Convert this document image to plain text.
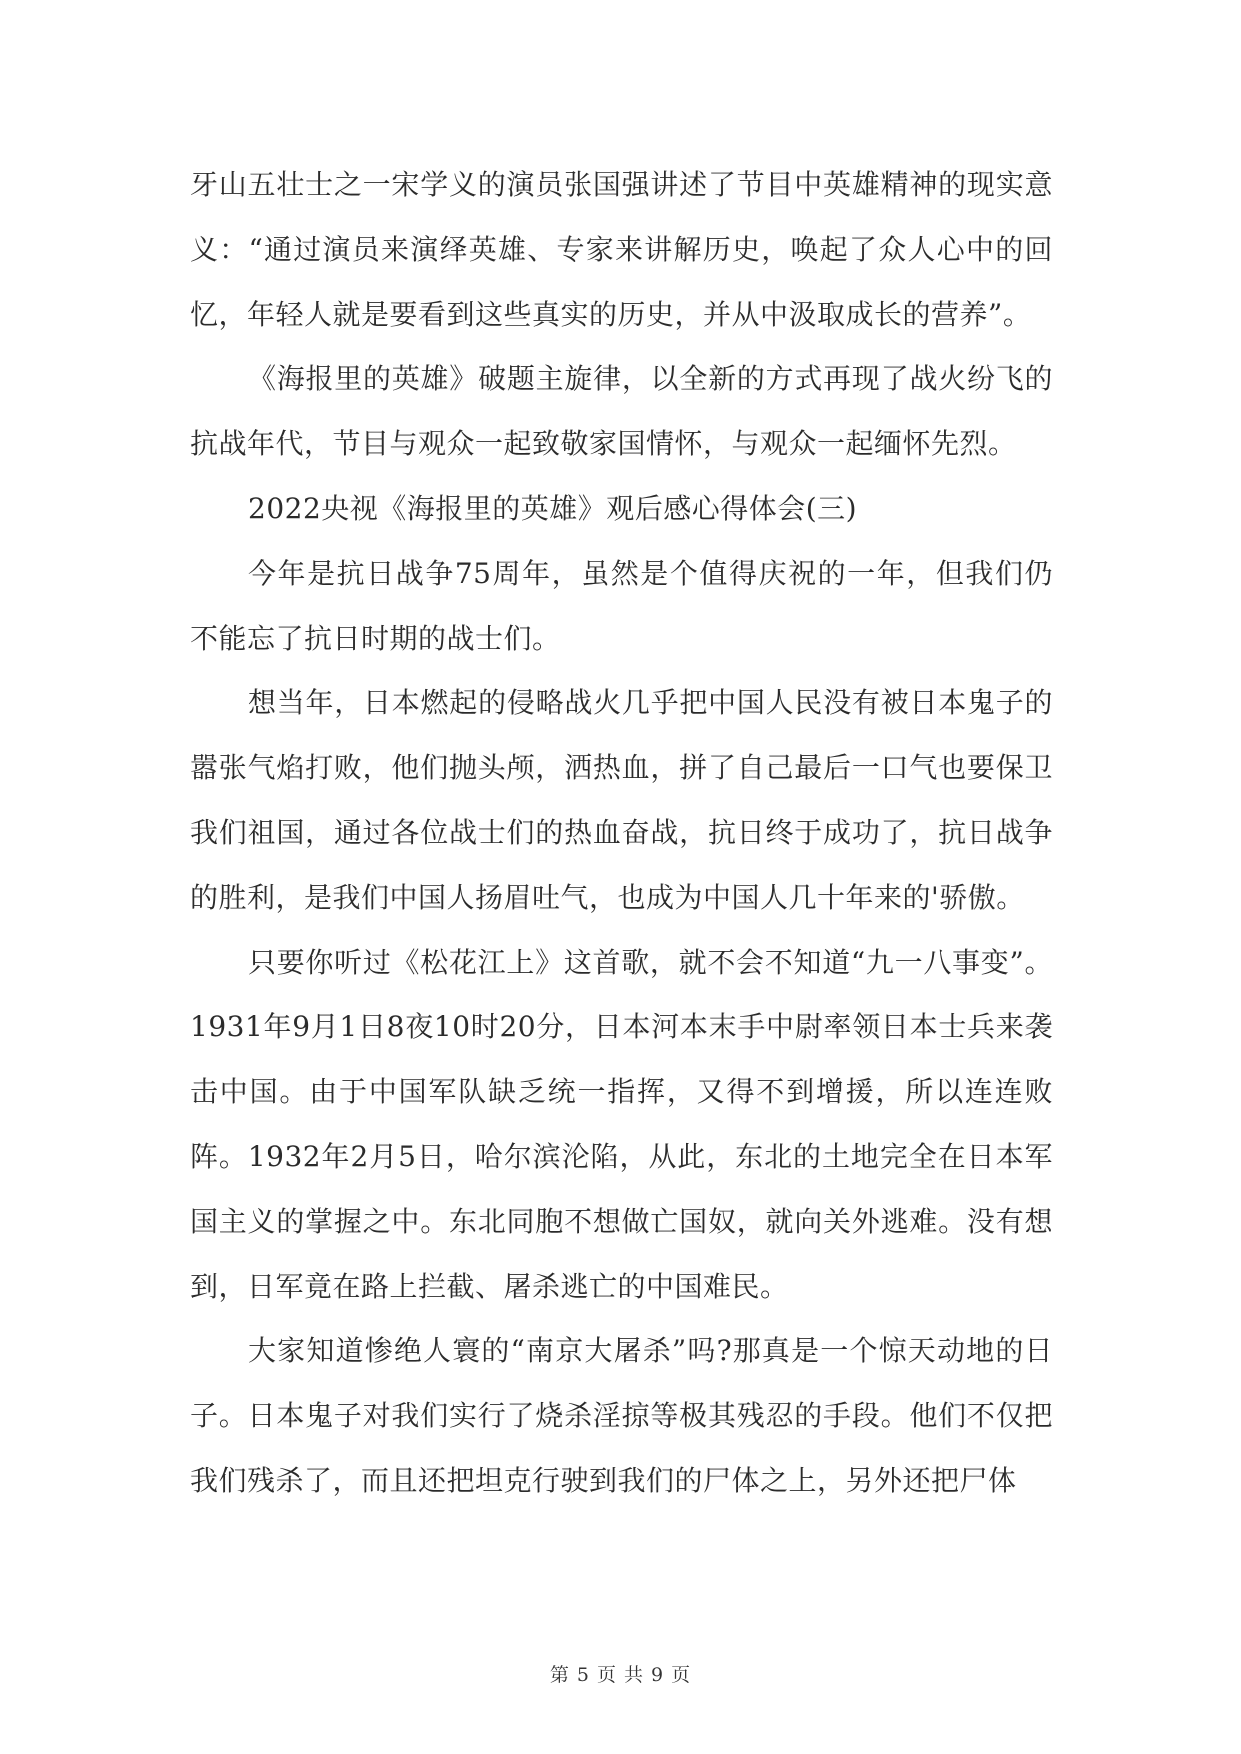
牙山五壮士之一宋学义的演员张国强讲述了节目中英雄精神的现实意义：“通过演员来演绎英雄、专家来讲解历史，唤起了众人心中的回忆，年轻人就是要看到这些真实的历史，并从中汲取成长的营养”。

《海报里的英雄》破题主旋律，以全新的方式再现了战火纷飞的抗战年代，节目与观众一起致敬家国情怀，与观众一起缅怀先烈。

2022央视《海报里的英雄》观后感心得体会(三)

今年是抗日战争75周年，虽然是个值得庆祝的一年，但我们仍不能忘了抗日时期的战士们。

想当年，日本燃起的侵略战火几乎把中国人民没有被日本鬼子的嚣张气焰打败，他们抛头颅，洒热血，拼了自己最后一口气也要保卫我们祖国，通过各位战士们的热血奋战，抗日终于成功了，抗日战争的胜利，是我们中国人扬眉吐气，也成为中国人几十年来的'骄傲。

只要你听过《松花江上》这首歌，就不会不知道“九一八事变”。1931年9月1日8夜10时20分，日本河本末手中尉率领日本士兵来袭击中国。由于中国军队缺乏统一指挥，又得不到增援，所以连连败阵。1932年2月5日，哈尔滨沦陷，从此，东北的土地完全在日本军国主义的掌握之中。东北同胞不想做亡国奴，就向关外逃难。没有想到，日军竟在路上拦截、屠杀逃亡的中国难民。

大家知道惨绝人寰的“南京大屠杀”吗?那真是一个惊天动地的日子。日本鬼子对我们实行了烧杀淫掠等极其残忍的手段。他们不仅把我们残杀了，而且还把坦克行驶到我们的尸体之上，另外还把尸体

第 5 页 共 9 页
